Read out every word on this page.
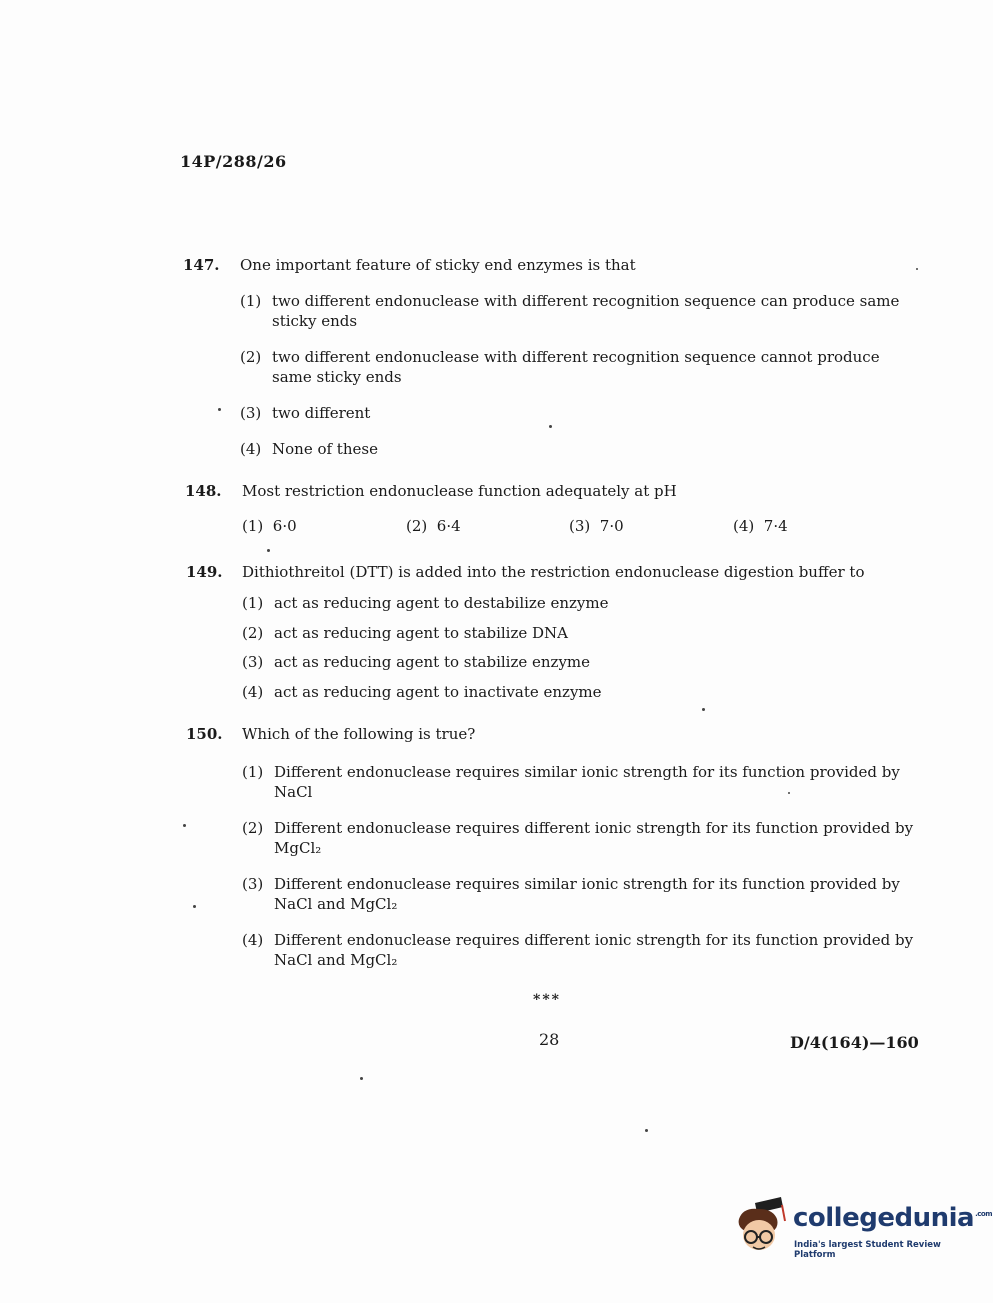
14P/288/26
147.	One important feature of sticky end enzymes is that
(1) two different endonuclease with different recognition sequence can produce same sticky ends
(2) two different endonuclease with different recognition sequence cannot produce same sticky ends
(3) two different
(4) None of these
148.	Most restriction endonuclease function adequately at pH
(1) 6·0	(2) 6·4	(3) 7·0	(4) 7·4
149.	Dithiothreitol (DTT) is added into the restriction endonuclease digestion buffer to
(1) act as reducing agent to destabilize enzyme
(2) act as reducing agent to stabilize DNA
(3) act as reducing agent to stabilize enzyme
(4) act as reducing agent to inactivate enzyme
150.	Which of the following is true?
(1) Different endonuclease requires similar ionic strength for its function provided by NaCl
(2) Different endonuclease requires different ionic strength for its function provided by MgCl₂
(3) Different endonuclease requires similar ionic strength for its function provided by NaCl and MgCl₂
(4) Different endonuclease requires different ionic strength for its function provided by NaCl and MgCl₂
***
28	D/4(164)—160
collegedunia$^{.com}$
India's largest Student Review Platform
